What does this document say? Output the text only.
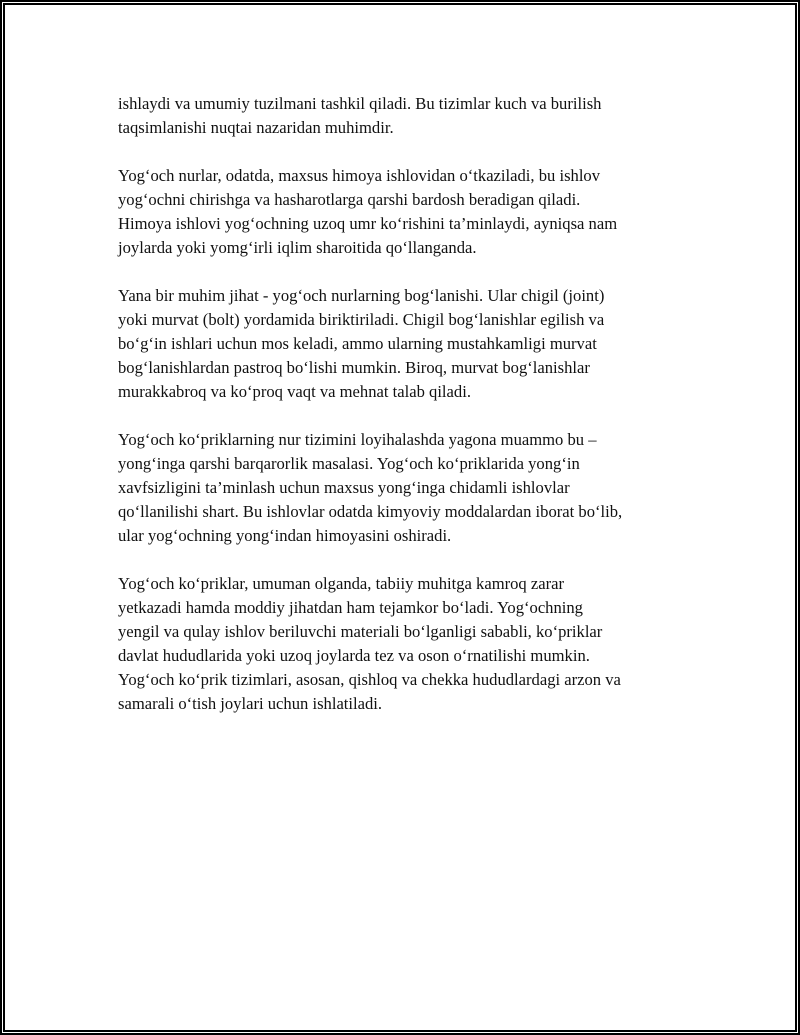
ishlaydi va umumiy tuzilmani tashkil qiladi. Bu tizimlar kuch va burilish
taqsimlanishi nuqtai nazaridan muhimdir.

Yog‘och nurlar, odatda, maxsus himoya ishlovidan o‘tkaziladi, bu ishlov
yog‘ochni chirishga va hasharotlarga qarshi bardosh beradigan qiladi.
Himoya ishlovi yog‘ochning uzoq umr ko‘rishini ta’minlaydi, ayniqsa nam
joylarda yoki yomg‘irli iqlim sharoitida qo‘llanganda.

Yana bir muhim jihat - yog‘och nurlarning bog‘lanishi. Ular chigil (joint)
yoki murvat (bolt) yordamida biriktiriladi. Chigil bog‘lanishlar egilish va
bo‘g‘in ishlari uchun mos keladi, ammo ularning mustahkamligi murvat
bog‘lanishlardan pastroq bo‘lishi mumkin. Biroq, murvat bog‘lanishlar
murakkabroq va ko‘proq vaqt va mehnat talab qiladi.

Yog‘och ko‘priklarning nur tizimini loyihalashda yagona muammo bu –
yong‘inga qarshi barqarorlik masalasi. Yog‘och ko‘priklarida yong‘in
xavfsizligini ta’minlash uchun maxsus yong‘inga chidamli ishlovlar
qo‘llanilishi shart. Bu ishlovlar odatda kimyoviy moddalardan iborat bo‘lib,
ular yog‘ochning yong‘indan himoyasini oshiradi.

Yog‘och ko‘priklar, umuman olganda, tabiiy muhitga kamroq zarar
yetkazadi hamda moddiy jihatdan ham tejamkor bo‘ladi. Yog‘ochning
yengil va qulay ishlov beriluvchi materiali bo‘lganligi sababli, ko‘priklar
davlat hududlarida yoki uzoq joylarda tez va oson o‘rnatilishi mumkin.
Yog‘och ko‘prik tizimlari, asosan, qishloq va chekka hududlardagi arzon va
samarali o‘tish joylari uchun ishlatiladi.
